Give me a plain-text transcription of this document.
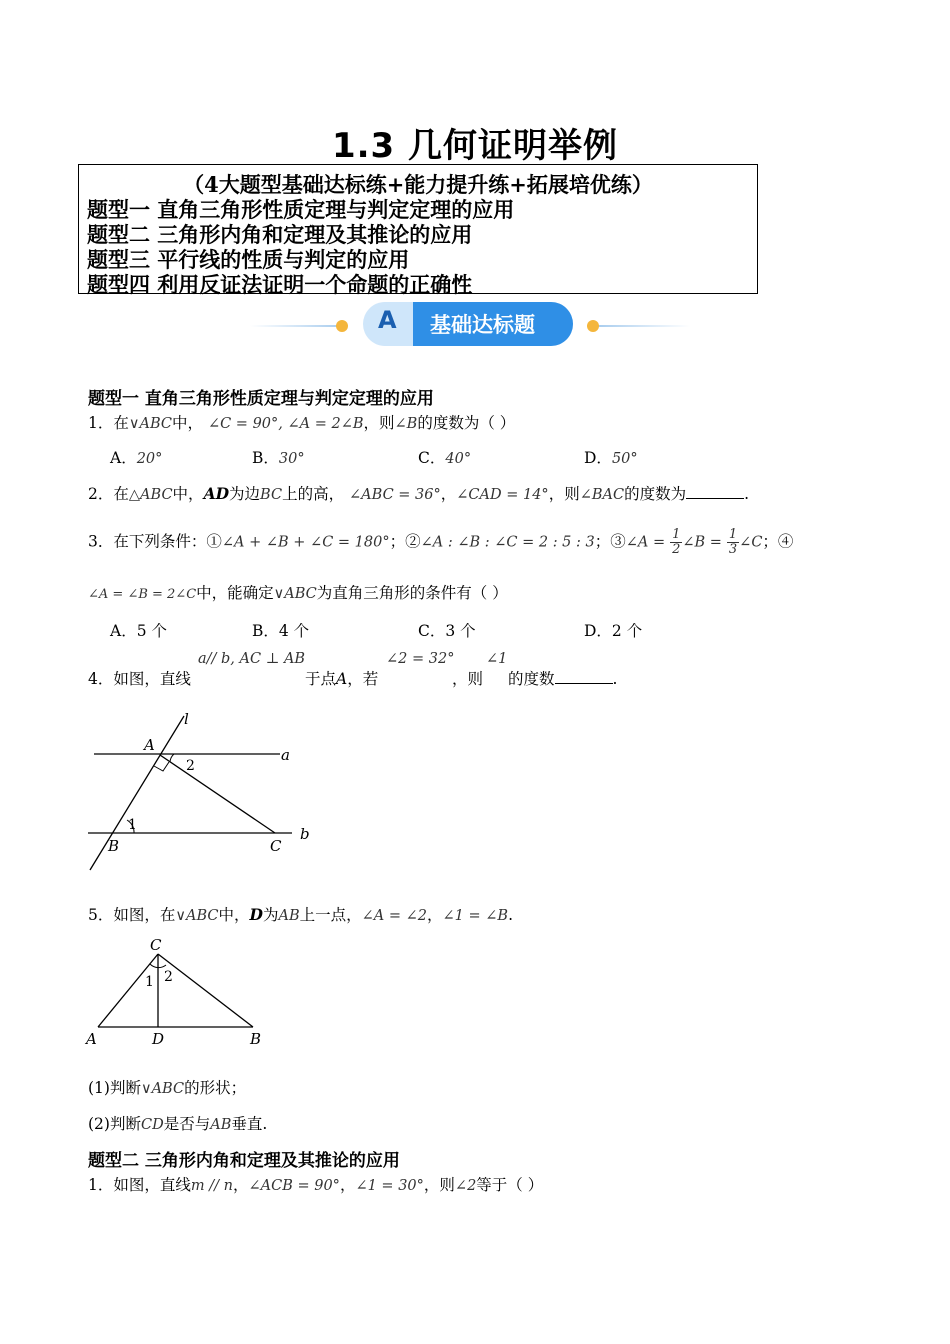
1.3 几何证明举例
（4大题型基础达标练+能力提升练+拓展培优练）
题型一 直角三角形性质定理与判定定理的应用
题型二 三角形内角和定理及其推论的应用
题型三 平行线的性质与判定的应用
题型四 利用反证法证明一个命题的正确性
A 基础达标题
题型一 直角三角形性质定理与判定定理的应用
1．在∨ABC中， ∠C = 90°, ∠A = 2∠B，则∠B的度数为（ ）
A．20°	B．30°	C．40°	D．50°
2．在△ABC中，AD为边BC上的高， ∠ABC = 36°，∠CAD = 14°，则∠BAC的度数为	.
3．在下列条件：①∠A + ∠B + ∠C = 180°；②∠A : ∠B : ∠C = 2 : 5 : 3；③∠A = $\frac{1}{2}$ ∠B = $\frac{1}{3}$ ∠C；④
∠A = ∠B = 2∠C中，能确定∨ABC为直角三角形的条件有（ ）
A．5 个	B．4 个	C．3 个	D．2 个
4．如图，直线
a// b, AC ⊥ AB
于点A，若
∠2 = 32°
，则
∠1
的度数	.
l
a
b
A
B	C
1
2
5．如图，在∨ABC中，D为AB上一点，∠A = ∠2，∠1 = ∠B.
C
A	B
D
1 2
(1)判断∨ABC的形状；
(2)判断CD是否与AB垂直.
题型二 三角形内角和定理及其推论的应用
1．如图，直线m // n，∠ACB = 90°，∠1 = 30°，则∠2等于（ ）
